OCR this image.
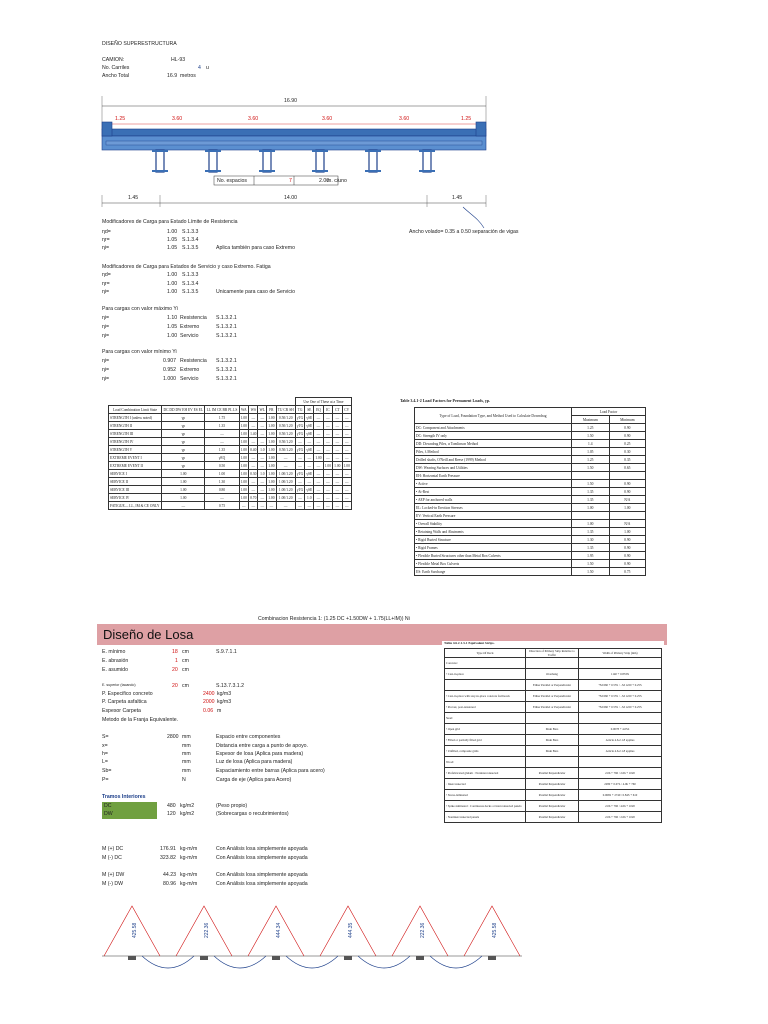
DISEÑO SUPERESTRUCTURA
CAMION:	HL-93
No. Carriles	4 u
Ancho Total	16.9 metros
16.90
1.25	3.60	3.60	3.60	3.60	1.25
No. espacios	7	2.00
m. c/uno
1.45	14.00	1.45
Ancho volado= 0.35 a 0.50 separación de vigas
Modificadores de Carga para Estado Límite de Resistencia
ηd=	1.00 S.1.3.3
ηr=	1.05 S.1.3.4
ηi=	1.05 S.1.3.5	Aplica también para caso Extremo
Modificadores de Carga para Estados de Servicio y caso Extremo. Fatiga
ηd=	1.00 S.1.3.3
ηr=	1.00 S.1.3.4
ηi=	1.00 S.1.3.5	Unicamente para caso de Servicio
Para cargas con valor máximo Yi
ηi=	1.10 Resistencia S.1.3.2.1
ηi=	1.05 Extremo	S.1.3.2.1
ηi=	1.00 Servicio	S.1.3.2.1
Para cargas con valor mínimo Yi
ηi=	0.907 Resistencia S.1.3.2.1
ηi=	0.952 Extremo	S.1.3.2.1
ηi=	1.000 Servicio	S.1.3.2.1
								Use One of These at a Time					
Load Combination Limit State	DC DD DW EH EV ES EL	LL IM CE BR PL LS	WA	WS	WL	FR	TU CR SH	TG	SE	EQ	IC	CT	CV
STRENGTH I (unless noted)	γp	1.75	1.00	—	—	1.00	0.50/1.20	γTG	γSE	—	—	—	—
STRENGTH II	γp	1.35	1.00	—	—	1.00	0.50/1.20	γTG	γSE	—	—	—	—
STRENGTH III	γp	—	1.00	1.40	—	1.00	0.50/1.20	γTG	γSE	—	—	—	—
STRENGTH IV	γp	—	1.00	—	—	1.00	0.50/1.20	—	—	—	—	—	—
STRENGTH V	γp	1.35	1.00	0.40	1.0	1.00	0.50/1.20	γTG	γSE	—	—	—	—
EXTREME EVENT I	γp	γEQ	1.00	—	—	1.00	—	—	—	1.00	—	—	—
EXTREME EVENT II	γp	0.50	1.00	—	—	1.00	—	—	—	—	1.00	1.00	1.00
SERVICE I	1.00	1.00	1.00	0.30	1.0	1.00	1.00/1.20	γTG	γSE	—	—	—	—
SERVICE II	1.00	1.30	1.00	—	—	1.00	1.00/1.20	—	—	—	—	—	—
SERVICE III	1.00	0.80	1.00	—	—	1.00	1.00/1.20	γTG	γSE	—	—	—	—
SERVICE IV	1.00	—	1.00	0.70	—	1.00	1.00/1.20	—	1.0	—	—	—	—
FATIGUE— LL, IM & CE ONLY	—	0.75	—	—	—	—	—	—	—	—	—	—	—
Table 3.4.1-2 Load Factors for Permanent Loads, γp.
Type of Load, Foundation Type, and Method Used to Calculate Downdrag	Load Factor	
	Maximum	Minimum
DC: Component and Attachments	1.25	0.90
DC: Strength IV only	1.50	0.90
DD: Downdrag Piles, α Tomlinson Method	1.4	0.25
Piles, λ Method	1.05	0.30
Drilled shafts, O'Neill and Reese (1999) Method	1.25	0.35
DW: Wearing Surfaces and Utilities	1.50	0.65
EH: Horizontal Earth Pressure		
• Active	1.50	0.90
• At-Rest	1.35	0.90
• AEP for anchored walls	1.35	N/A
EL: Locked-in Erection Stresses	1.00	1.00
EV: Vertical Earth Pressure		
• Overall Stability	1.00	N/A
• Retaining Walls and Abutments	1.35	1.00
• Rigid Buried Structure	1.30	0.90
• Rigid Frames	1.35	0.90
• Flexible Buried Structures other than Metal Box Culverts	1.95	0.90
• Flexible Metal Box Culverts	1.50	0.90
ES: Earth Surcharge	1.50	0.75
Combinacion Resistencia 1: (1.25 DC +1.50DW + 1.75(LL+IM)) Ni
Diseño de Losa
E. mínimo	18 cm	S.9.7.1.1
E. abrasión	1 cm
E. asumido	20 cm
E. superior (tacando)	20 cm	S.13.7.3.1.2
P. Especifico concreto	2400 kg/m3
P. Carpeta asfaltica	2000 kg/m3
Espesor Carpeta	0.06 m
Metodo de la Franja Equivalente.
S=	2800 mm	Espacio entre componentes
x=	mm	Distancia entre carga a punto de apoyo.
h=	mm	Espesor de losa (Aplica para madera)
L=	mm	Luz de losa (Aplica para madera)
Sb=	mm	Espaciamiento entre barras (Aplica para acero)
P=	N	Carga de eje (Aplica para Acero)
Tramos Interiores
DC	480 kg/m2	(Peso propio)
DW	120 kg/m2	(Sobrecargas o recubrimientos)
M (+) DC	176.91 kg-m/m	Con Análisis losa simplemente apoyada
M (-) DC	323.82 kg-m/m	Con Análisis losa simplemente apoyada
M (+) DW	44.23 kg-m/m	Con Análisis losa simplemente apoyada
M (-) DW	80.96 kg-m/m	Con Análisis losa simplemente apoyada
Table 4.6.2.1.3-1 Equivalent Strips.
Type Of Deck	Direction of Primary Strip Relative to Traffic	Width of Primary Strip (mm)
Concrete:		
• Cast-in-place	Overhang	1140 + 0.833X
	Either Parallel or Perpendicular	+M 660 + 0.55S / −M 1220 + 0.25S
• Cast-in-place with stay-in-place concrete formwork	Either Parallel or Perpendicular	+M 660 + 0.55S / −M 1220 + 0.25S
• Precast, post-tensioned	Either Parallel or Perpendicular	+M 660 + 0.55S / −M 1220 + 0.25S
Steel:		
• Open grid	Main Bars	0.007P + 4.0Sb
• Filled or partially filled grid	Main Bars	Article 4.6.2.1.8 applies
• Unfilled, composite grids	Main Bars	Article 4.6.2.1.8 applies
Wood:		
• Prefabricated glulam ◦ Noninterconnected	Parallel Perpendicular	2.0h + 760 / 2.0h + 1020
◦ Interconnected	Parallel Perpendicular	2280 + 0.07L / 4.0h + 760
• Stress-laminated	Parallel Perpendicular	0.066S + 2740 / 0.84S + 610
• Spike-laminated ◦ Continuous decks or interconnected panels	Parallel Perpendicular	2.0h + 760 / 4.0h + 1020
◦ Noninterconnected panels	Parallel Perpendicular	2.0h + 760 / 2.0h + 1020
425.58	222.36	444.34	444.35	222.36	425.58
